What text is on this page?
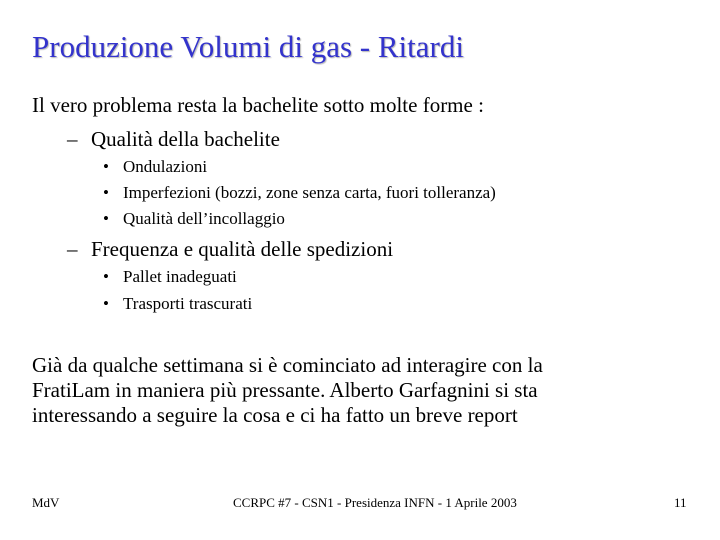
Produzione Volumi di gas - Ritardi
Il vero problema resta la bachelite sotto molte forme :
– Qualità della bachelite
• Ondulazioni
• Imperfezioni (bozzi, zone senza carta, fuori tolleranza)
• Qualità dell’incollaggio
– Frequenza e qualità delle spedizioni
• Pallet inadeguati
• Trasporti trascurati
Già da qualche settimana si è cominciato ad interagire con la
FratiLam in maniera più pressante. Alberto Garfagnini si sta
interessando a seguire la cosa e ci ha fatto un breve report
MdV	CCRPC #7 - CSN1 - Presidenza INFN - 1 Aprile 2003	11
